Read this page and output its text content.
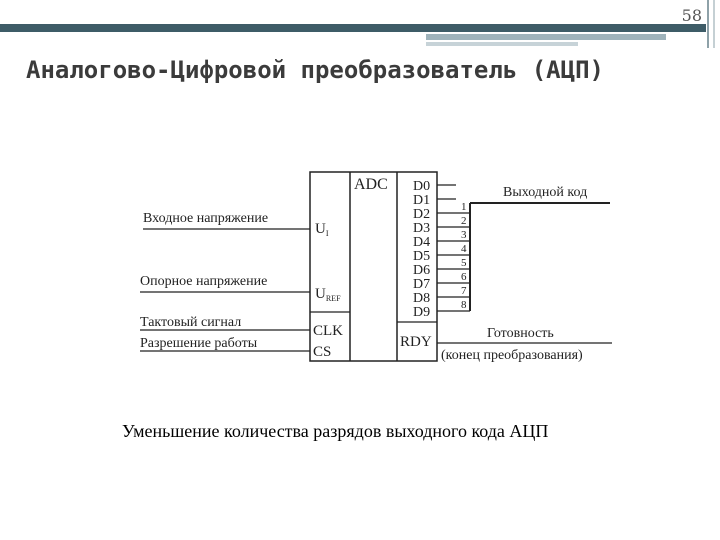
58
Аналогово-Цифровой преобразователь (АЦП)
ADC
$U_I$
$U_{REF}$
CLK
CS
Входное напряжение
Опорное напряжение
Тактовый сигнал
Разрешение работы
D0
D1
D2
D3
D4
D5
D6
D7
D8
D9
Выходной код
1
2
3
4
5
6
7
8
RDY
Готовность
(конец преобразования)
Уменьшение количества разрядов выходного кода АЦП
